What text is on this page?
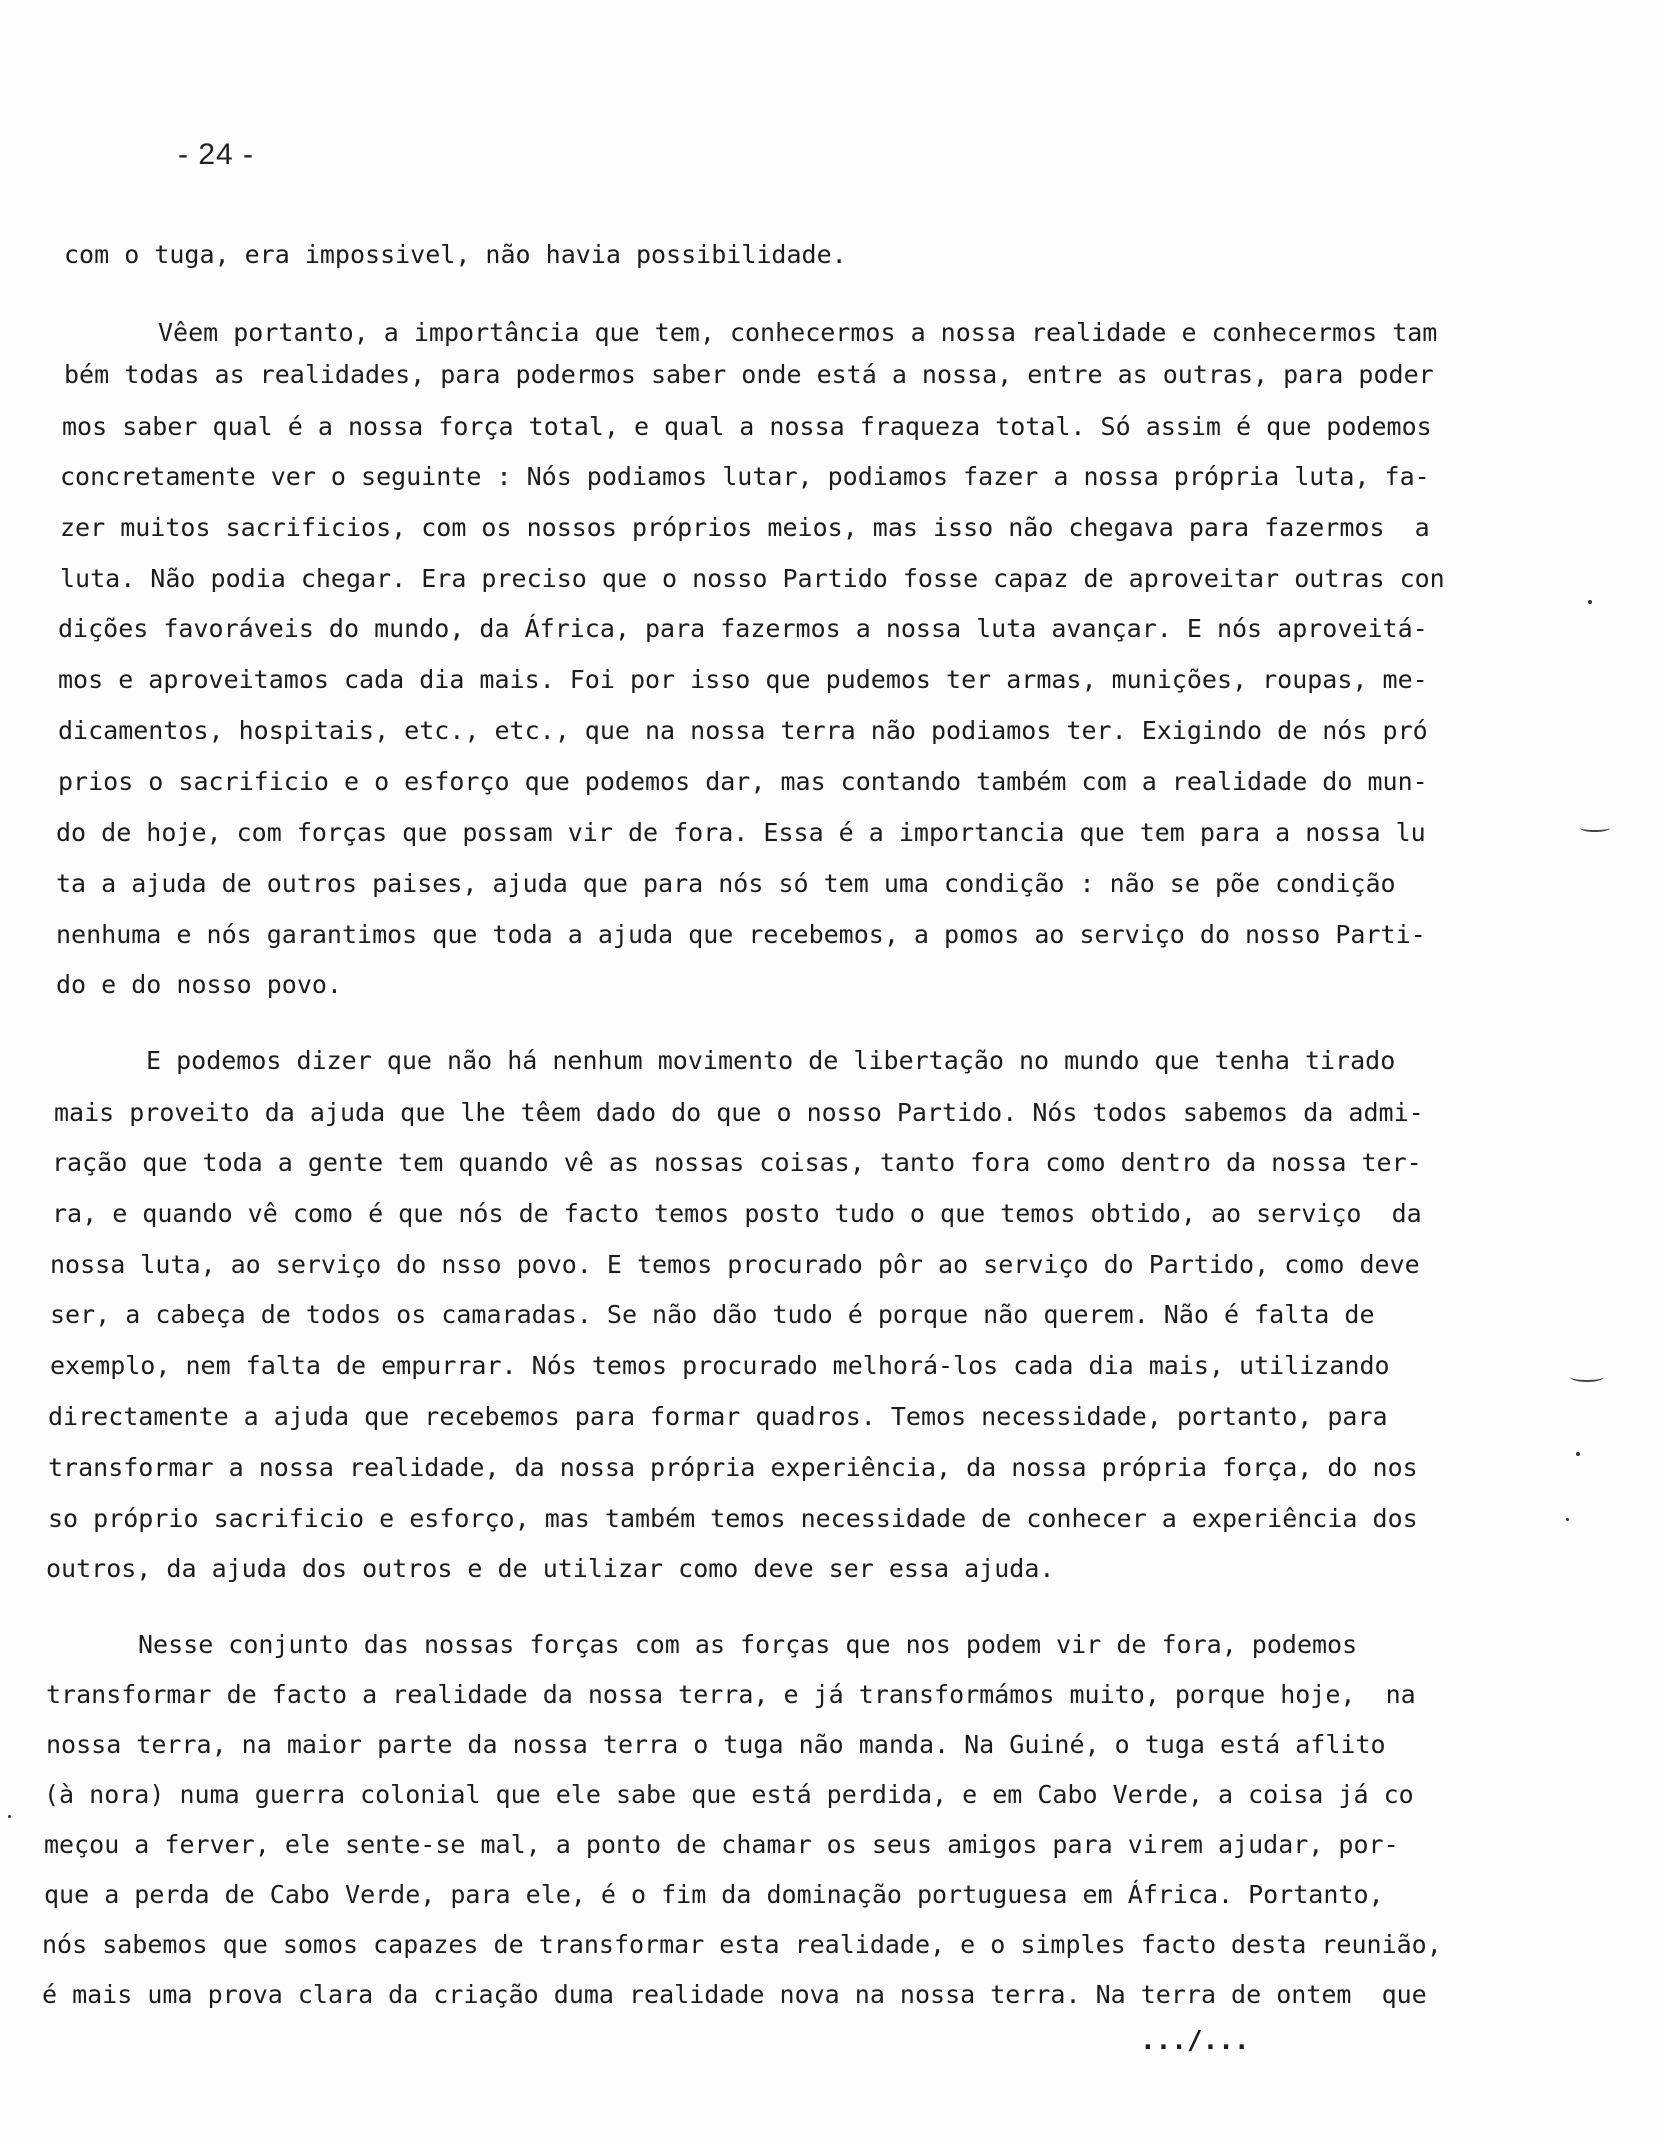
- 24 -
com o tuga, era impossivel, não havia possibilidade.
Vêem portanto, a importância que tem, conhecermos a nossa realidade e conhecermos tam
bém todas as realidades, para podermos saber onde está a nossa, entre as outras, para poder
mos saber qual é a nossa força total, e qual a nossa fraqueza total. Só assim é que podemos
concretamente ver o seguinte : Nós podiamos lutar, podiamos fazer a nossa própria luta, fa-
zer muitos sacrificios, com os nossos próprios meios, mas isso não chegava para fazermos  a
luta. Não podia chegar. Era preciso que o nosso Partido fosse capaz de aproveitar outras con
dições favoráveis do mundo, da África, para fazermos a nossa luta avançar. E nós aproveitá-
mos e aproveitamos cada dia mais. Foi por isso que pudemos ter armas, munições, roupas, me-
dicamentos, hospitais, etc., etc., que na nossa terra não podiamos ter. Exigindo de nós pró
prios o sacrificio e o esforço que podemos dar, mas contando também com a realidade do mun-
do de hoje, com forças que possam vir de fora. Essa é a importancia que tem para a nossa lu
ta a ajuda de outros paises, ajuda que para nós só tem uma condição : não se põe condição
nenhuma e nós garantimos que toda a ajuda que recebemos, a pomos ao serviço do nosso Parti-
do e do nosso povo.
E podemos dizer que não há nenhum movimento de libertação no mundo que tenha tirado
mais proveito da ajuda que lhe têem dado do que o nosso Partido. Nós todos sabemos da admi-
ração que toda a gente tem quando vê as nossas coisas, tanto fora como dentro da nossa ter-
ra, e quando vê como é que nós de facto temos posto tudo o que temos obtido, ao serviço  da
nossa luta, ao serviço do nsso povo. E temos procurado pôr ao serviço do Partido, como deve
ser, a cabeça de todos os camaradas. Se não dão tudo é porque não querem. Não é falta de
exemplo, nem falta de empurrar. Nós temos procurado melhorá-los cada dia mais, utilizando
directamente a ajuda que recebemos para formar quadros. Temos necessidade, portanto, para
transformar a nossa realidade, da nossa própria experiência, da nossa própria força, do nos
so próprio sacrificio e esforço, mas também temos necessidade de conhecer a experiência dos
outros, da ajuda dos outros e de utilizar como deve ser essa ajuda.
Nesse conjunto das nossas forças com as forças que nos podem vir de fora, podemos
transformar de facto a realidade da nossa terra, e já transformámos muito, porque hoje,  na
nossa terra, na maior parte da nossa terra o tuga não manda. Na Guiné, o tuga está aflito
(à nora) numa guerra colonial que ele sabe que está perdida, e em Cabo Verde, a coisa já co
meçou a ferver, ele sente-se mal, a ponto de chamar os seus amigos para virem ajudar, por-
que a perda de Cabo Verde, para ele, é o fim da dominação portuguesa em África. Portanto,
nós sabemos que somos capazes de transformar esta realidade, e o simples facto desta reunião,
é mais uma prova clara da criação duma realidade nova na nossa terra. Na terra de ontem  que
.../...
